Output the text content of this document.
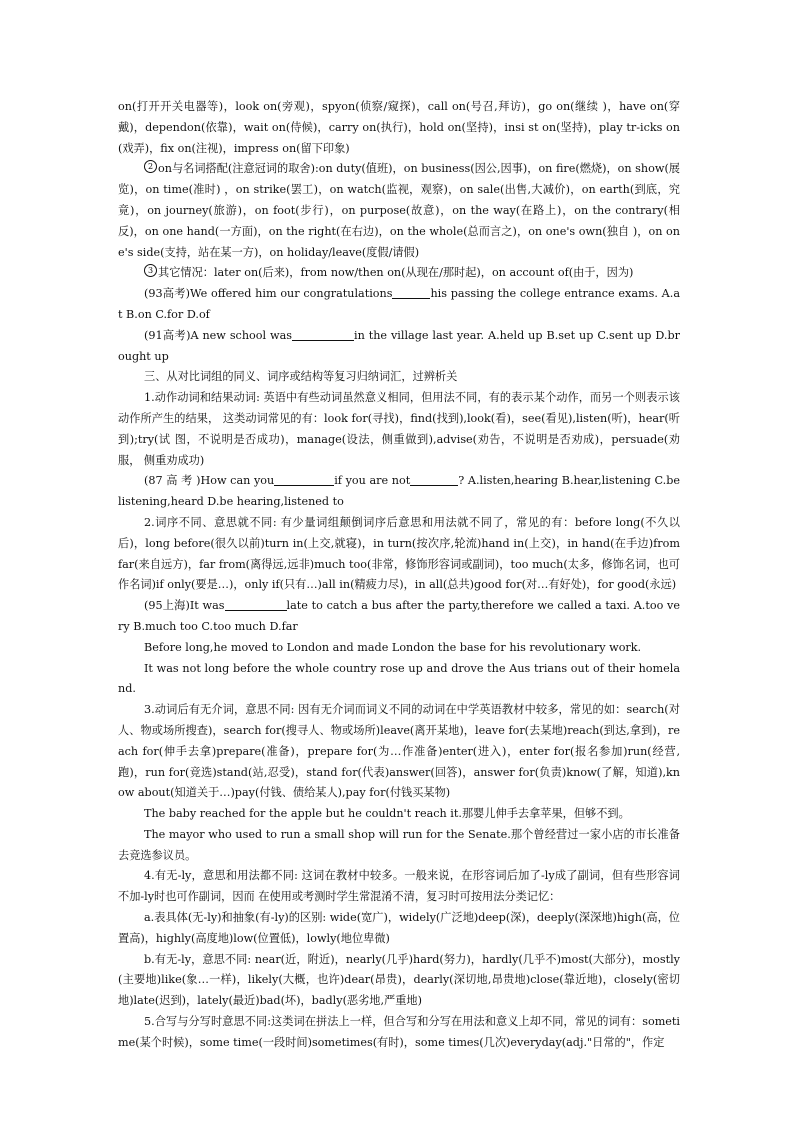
on(打开开关电器等)，look on(旁观)，spyon(侦察/窥探)，call on(号召,拜访)，go on(继续 )，have on(穿戴)，dependon(依靠)，wait on(侍候)，carry on(执行)，hold on(坚持)，insi st on(坚持)，play tr-icks on(戏弄)，fix on(注视)，impress on(留下印象)

2 on与名词搭配(注意冠词的取舍):on duty(值班)，on business(因公,因事)，on fire(燃烧)，on show(展览)，on time(准时) ，on strike(罢工)，on watch(监视，观察)，on sale(出售,大减价)，on earth(到底，究竟)，on journey(旅游)，on foot(步行)，on purpose(故意)，on the way(在路上)，on the contrary(相 反)，on one hand(一方面)，on the right(在右边)，on the whole(总而言之)，on one's own(独自 )，on one's side(支持，站在某一方)，on holiday/leave(度假/请假)

3 其它情况：later on(后来)，from now/then on(从现在/那时起)，on account of(由于，因为)

(93高考)We offered him our congratulations	his passing the college entrance exams. A.at B.on C.for D.of

(91高考)A new school was	in the village last year. A.held up B.set up C.sent up D.brought up

三、从对比词组的同义、词序或结构等复习归纳词汇，过辨析关

1.动作动词和结果动词: 英语中有些动词虽然意义相同，但用法不同，有的表示某个动作，而另一个则表示该动作所产生的结果， 这类动词常见的有：look for(寻找)，find(找到),look(看)，see(看见),listen(听)，hear(听到);try(试 图，不说明是否成功)，manage(设法，侧重做到),advise(劝告，不说明是否劝成)，persuade(劝服， 侧重劝成功)

(87 高 考 )How can you	if you are not	? A.listen,hearing B.hear,listening C.be listening,heard D.be hearing,listened to

2.词序不同、意思就不同: 有少量词组颠倒词序后意思和用法就不同了，常见的有：before long(不久以后)，long before(很久以前)turn in(上交,就寝)，in turn(按次序,轮流)hand in(上交)，in hand(在手边)from far(来自远方)，far from(离得远,远非)much too(非常，修饰形容词或副词)，too much(太多，修饰名词，也可作名词)if only(要是…)，only if(只有…)all in(精疲力尽)，in all(总共)good for(对…有好处)，for good(永远)

(95上海)It was	late to catch a bus after the party,therefore we called a taxi. A.too very B.much too C.too much D.far

Before long,he moved to London and made London the base for his revolutionary work.

It was not long before the whole country rose up and drove the Aus trians out of their homeland.

3.动词后有无介词，意思不同: 因有无介词而词义不同的动词在中学英语教材中较多，常见的如：search(对人、物或场所搜查)，search for(搜寻人、物或场所)leave(离开某地)，leave for(去某地)reach(到达,拿到)，reach for(伸手去拿)prepare(准备)，prepare for(为…作准备)enter(进入)，enter for(报名参加)run(经营,跑)，run for(竞选)stand(站,忍受)，stand for(代表)answer(回答)，answer for(负责)know(了解，知道),know about(知道关于…)pay(付钱、债给某人),pay for(付钱买某物)

The baby reached for the apple but he couldn't reach it.那婴儿伸手去拿苹果，但够不到。

The mayor who used to run a small shop will run for the Senate.那个曾经营过一家小店的市长准备 去竞选参议员。

4.有无-ly，意思和用法都不同: 这词在教材中较多。一般来说，在形容词后加了-ly成了副词，但有些形容词不加-ly时也可作副词，因而 在使用或考测时学生常混淆不清，复习时可按用法分类记忆：

a.表具体(无-ly)和抽象(有-ly)的区别: wide(宽广)，widely(广泛地)deep(深)，deeply(深深地)high(高，位置高)，highly(高度地)low(位置低)，lowly(地位卑微)

b.有无-ly，意思不同: near(近，附近)，nearly(几乎)hard(努力)，hardly(几乎不)most(大部分)，mostly(主要地)like(象…一样)，likely(大概，也许)dear(昂贵)，dearly(深切地,昂贵地)close(靠近地)，closely(密切地)late(迟到)，lately(最近)bad(坏)，badly(恶劣地,严重地)

5.合写与分写时意思不同:这类词在拼法上一样，但合写和分写在用法和意义上却不同，常见的词有：sometime(某个时候)，some time(一段时间)sometimes(有时)，some times(几次)everyday(adj."日常的"，作定
